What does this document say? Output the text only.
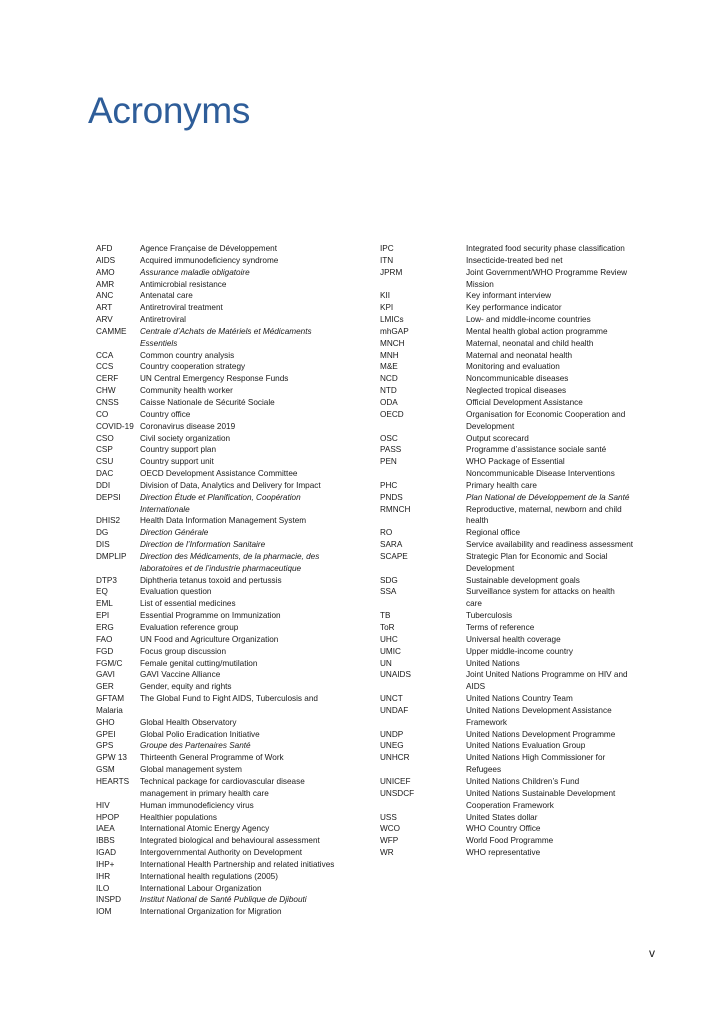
Acronyms
AFD	Agence Française de Développement
AIDS	Acquired immunodeficiency syndrome
AMO	Assurance maladie obligatoire
AMR	Antimicrobial resistance
ANC	Antenatal care
ART	Antiretroviral treatment
ARV	Antiretroviral
CAMME	Centrale d’Achats de Matériels et Médicaments
Essentiels
CCA	Common country analysis
CCS	Country cooperation strategy
CERF	UN Central Emergency Response Funds
CHW	Community health worker
CNSS	Caisse Nationale de Sécurité Sociale
CO	Country office
COVID-19 Coronavirus disease 2019
CSO	Civil society organization
CSP	Country support plan
CSU	Country support unit
DAC	OECD Development Assistance Committee
DDI	Division of Data, Analytics and Delivery for Impact
DEPSI	Direction Étude et Planification, Coopération
Internationale
DHIS2	Health Data Information Management System
DG	Direction Générale
DIS	Direction de l’Information Sanitaire
DMPLIP	Direction des Médicaments, de la pharmacie, des
laboratoires et de l’industrie pharmaceutique
DTP3	Diphtheria tetanus toxoid and pertussis
EQ	Evaluation question
EML	List of essential medicines
EPI	Essential Programme on Immunization
ERG	Evaluation reference group
FAO	UN Food and Agriculture Organization
FGD	Focus group discussion
FGM/C	Female genital cutting/mutilation
GAVI	GAVI Vaccine Alliance
GER	Gender, equity and rights
GFTAM	The Global Fund to Fight AIDS, Tuberculosis and
Malaria
GHO	Global Health Observatory
GPEI	Global Polio Eradication Initiative
GPS	Groupe des Partenaires Santé
GPW 13	Thirteenth General Programme of Work
GSM	Global management system
HEARTS	Technical package for cardiovascular disease
management in primary health care
HIV	Human immunodeficiency virus
HPOP	Healthier populations
IAEA	International Atomic Energy Agency
IBBS	Integrated biological and behavioural assessment
IGAD	Intergovernmental Authority on Development
IHP+	International Health Partnership and related initiatives
IHR	International health regulations (2005)
ILO	International Labour Organization
INSPD	Institut National de Santé Publique de Djibouti
IOM	International Organization for Migration
IPC	Integrated food security phase classification
ITN	Insecticide-treated bed net
JPRM	Joint Government/WHO Programme Review
Mission
KII	Key informant interview
KPI	Key performance indicator
LMICs	Low- and middle-income countries
mhGAP	Mental health global action programme
MNCH	Maternal, neonatal and child health
MNH	Maternal and neonatal health
M&E	Monitoring and evaluation
NCD	Noncommunicable diseases
NTD	Neglected tropical diseases
ODA	Official Development Assistance
OECD	Organisation for Economic Cooperation and
Development
OSC	Output scorecard
PASS	Programme d’assistance sociale santé
PEN	WHO Package of Essential
Noncommunicable Disease Interventions
PHC	Primary health care
PNDS	Plan National de Développement de la Santé
RMNCH	Reproductive, maternal, newborn and child
health
RO	Regional office
SARA	Service availability and readiness assessment
SCAPE	Strategic Plan for Economic and Social
Development
SDG	Sustainable development goals
SSA	Surveillance system for attacks on health
care
TB	Tuberculosis
ToR	Terms of reference
UHC	Universal health coverage
UMIC	Upper middle-income country
UN	United Nations
UNAIDS	Joint United Nations Programme on HIV and
AIDS
UNCT	United Nations Country Team
UNDAF	United Nations Development Assistance
Framework
UNDP	United Nations Development Programme
UNEG	United Nations Evaluation Group
UNHCR	United Nations High Commissioner for
Refugees
UNICEF	United Nations Children’s Fund
UNSDCF	United Nations Sustainable Development
Cooperation Framework
USS	United States dollar
WCO	WHO Country Office
WFP	World Food Programme
WR	WHO representative
v
